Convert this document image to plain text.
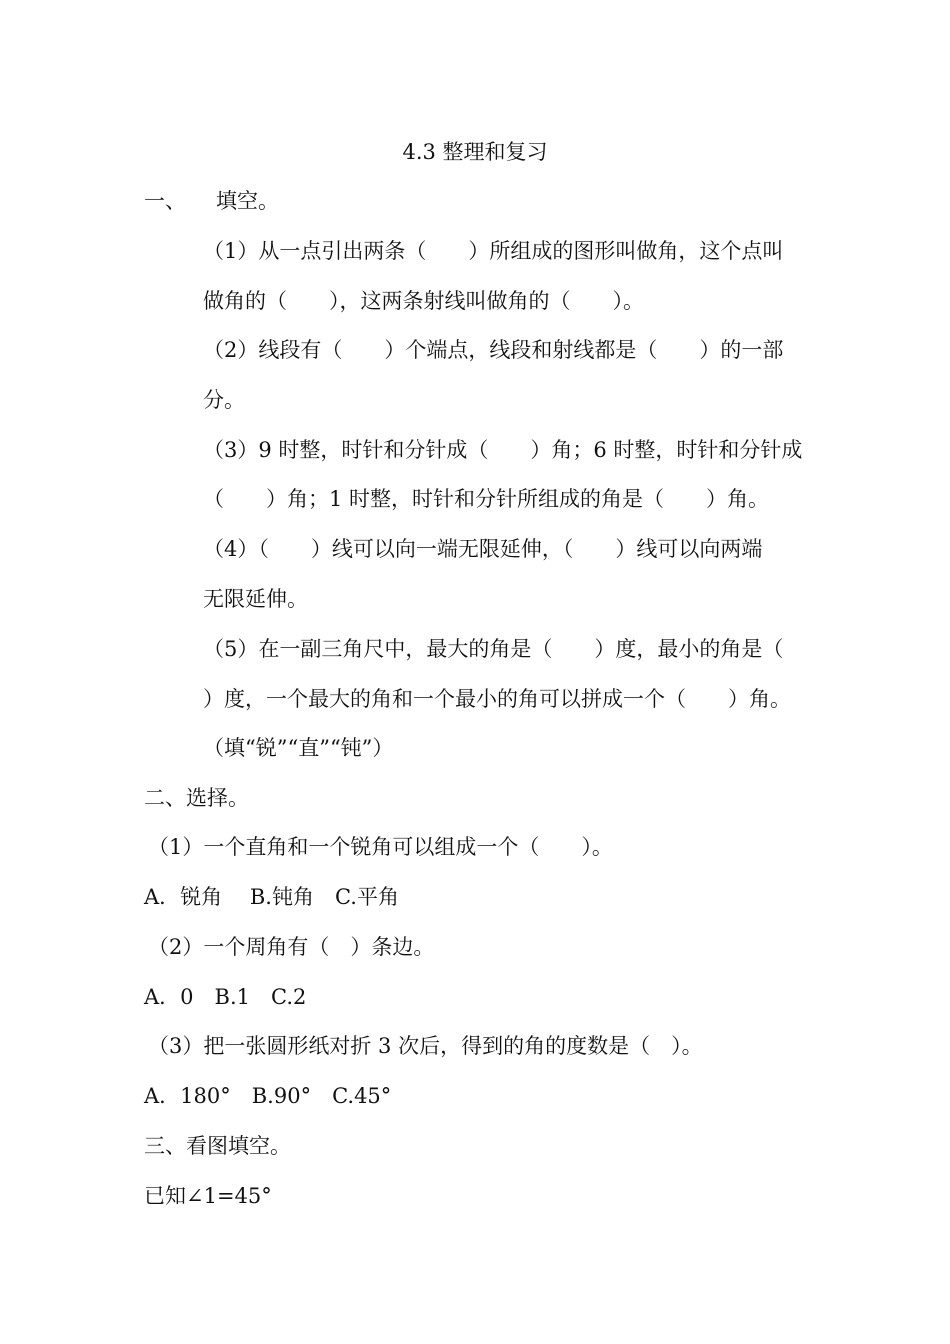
4.3 整理和复习
一、 填空。
（1）从一点引出两条（　　）所组成的图形叫做角，这个点叫
做角的（　　），这两条射线叫做角的（　　）。
（2）线段有（　　）个端点，线段和射线都是（　　）的一部
分。
（3）9 时整，时针和分针成（　　）角；6 时整，时针和分针成
（　　）角；1 时整，时针和分针所组成的角是（　　）角。
（4）（　　）线可以向一端无限延伸，（　　）线可以向两端
无限延伸。
（5）在一副三角尺中，最大的角是（　　）度，最小的角是（
）度，一个最大的角和一个最小的角可以拼成一个（　　）角。
（填“锐”“直”“钝”）
二、选择。
（1）一个直角和一个锐角可以组成一个（　　）。
A．锐角　 B.钝角　C.平角
（2）一个周角有（　）条边。
A．0　B.1　C.2
（3）把一张圆形纸对折 3 次后，得到的角的度数是（　）。
A．180°　B.90°　C.45°
三、看图填空。
已知∠1=45°
